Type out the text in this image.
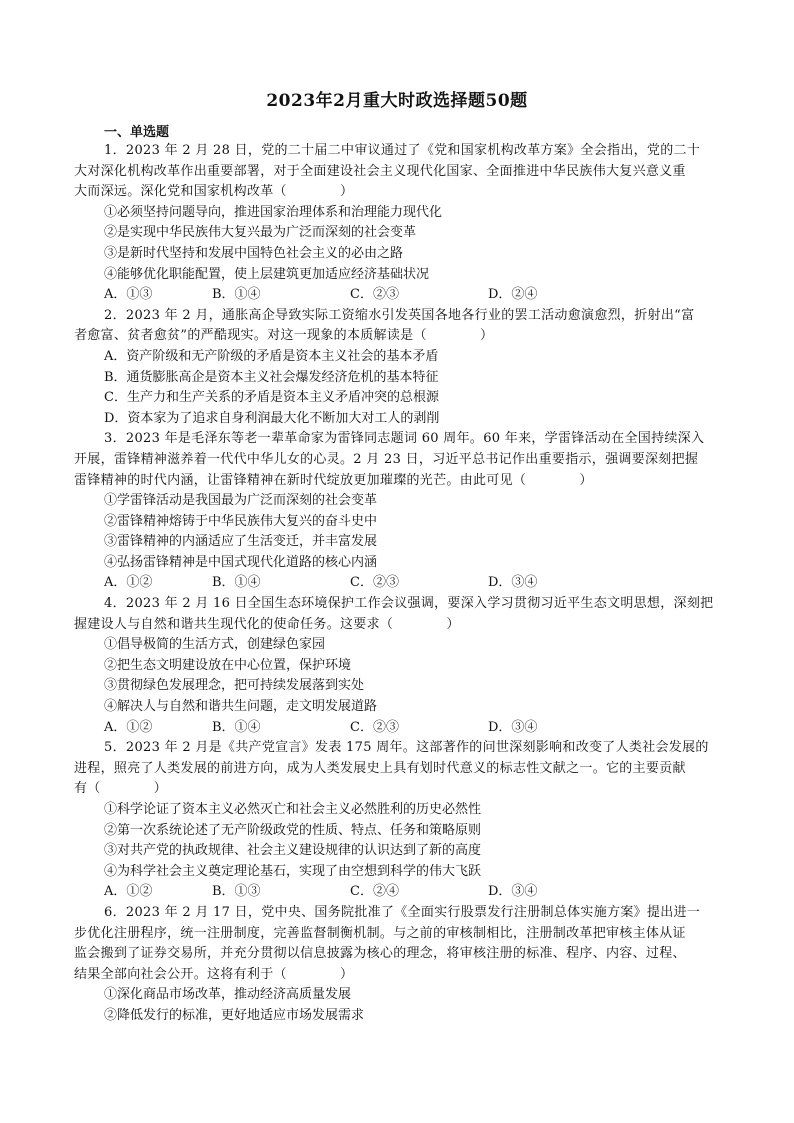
2023年2月重大时政选择题50题
一、单选题
1．2023 年 2 月 28 日，党的二十届二中审议通过了《党和国家机构改革方案》全会指出，党的二十
大对深化机构改革作出重要部署，对于全面建设社会主义现代化国家、全面推进中华民族伟大复兴意义重
大而深远。深化党和国家机构改革（　　　　）
①必须坚持问题导向，推进国家治理体系和治理能力现代化
②是实现中华民族伟大复兴最为广泛而深刻的社会变革
③是新时代坚持和发展中国特色社会主义的必由之路
④能够优化职能配置，使上层建筑更加适应经济基础状况
A．①③	B．①④	C．②③	D．②④
2．2023 年 2 月，通胀高企导致实际工资缩水引发英国各地各行业的罢工活动愈演愈烈，折射出“富
者愈富、贫者愈贫”的严酷现实。对这一现象的本质解读是（　　　　）
A．资产阶级和无产阶级的矛盾是资本主义社会的基本矛盾
B．通货膨胀高企是资本主义社会爆发经济危机的基本特征
C．生产力和生产关系的矛盾是资本主义矛盾冲突的总根源
D．资本家为了追求自身利润最大化不断加大对工人的剥削
3．2023 年是毛泽东等老一辈革命家为雷锋同志题词 60 周年。60 年来，学雷锋活动在全国持续深入
开展，雷锋精神滋养着一代代中华儿女的心灵。2 月 23 日，习近平总书记作出重要指示，强调要深刻把握
雷锋精神的时代内涵，让雷锋精神在新时代绽放更加璀璨的光芒。由此可见（　　　　）
①学雷锋活动是我国最为广泛而深刻的社会变革
②雷锋精神熔铸于中华民族伟大复兴的奋斗史中
③雷锋精神的内涵适应了生活变迁，并丰富发展
④弘扬雷锋精神是中国式现代化道路的核心内涵
A．①②	B．①④	C．②③	D．③④
4．2023 年 2 月 16 日全国生态环境保护工作会议强调，要深入学习贯彻习近平生态文明思想，深刻把
握建设人与自然和谐共生现代化的使命任务。这要求（　　　　）
①倡导极简的生活方式，创建绿色家园
②把生态文明建设放在中心位置，保护环境
③贯彻绿色发展理念，把可持续发展落到实处
④解决人与自然和谐共生问题，走文明发展道路
A．①②	B．①④	C．②③	D．③④
5．2023 年 2 月是《共产党宣言》发表 175 周年。这部著作的问世深刻影响和改变了人类社会发展的
进程，照亮了人类发展的前进方向，成为人类发展史上具有划时代意义的标志性文献之一。它的主要贡献
有（　　　　）
①科学论证了资本主义必然灭亡和社会主义必然胜利的历史必然性
②第一次系统论述了无产阶级政党的性质、特点、任务和策略原则
③对共产党的执政规律、社会主义建设规律的认识达到了新的高度
④为科学社会主义奠定理论基石，实现了由空想到科学的伟大飞跃
A．①②	B．①③	C．②④	D．③④
6．2023 年 2 月 17 日，党中央、国务院批准了《全面实行股票发行注册制总体实施方案》提出进一
步优化注册程序，统一注册制度，完善监督制衡机制。与之前的审核制相比，注册制改革把审核主体从证
监会搬到了证券交易所，并充分贯彻以信息披露为核心的理念，将审核注册的标准、程序、内容、过程、
结果全部向社会公开。这将有利于（　　　　）
①深化商品市场改革，推动经济高质量发展
②降低发行的标准，更好地适应市场发展需求
